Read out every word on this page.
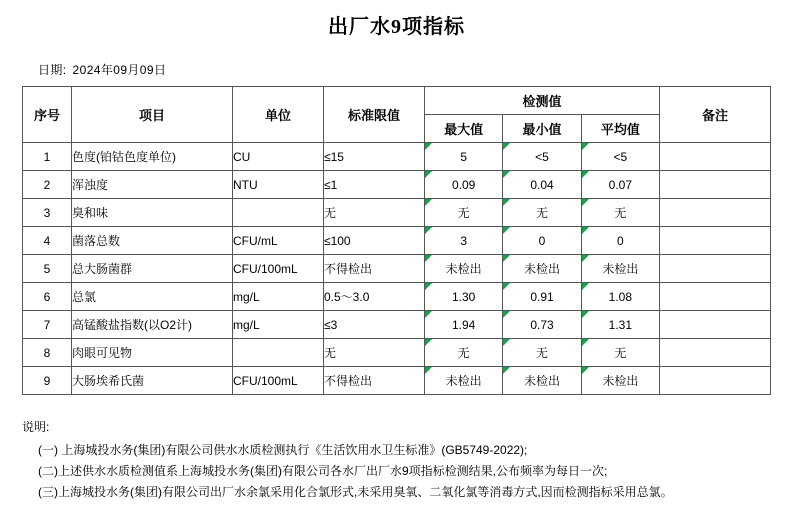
出厂水9项指标
日期: 2024年09月09日
序号	项目	单位	标准限值	检测值			备注
				最大值	最小值	平均值	
1	色度(铂钴色度单位)	CU	≤15	5	<5	<5	
2	浑浊度	NTU	≤1	0.09	0.04	0.07	
3	臭和味		无	无	无	无	
4	菌落总数	CFU/mL	≤100	3	0	0	
5	总大肠菌群	CFU/100mL	不得检出	未检出	未检出	未检出	
6	总氯	mg/L	0.5～3.0	1.30	0.91	1.08	
7	高锰酸盐指数(以O2计)	mg/L	≤3	1.94	0.73	1.31	
8	肉眼可见物		无	无	无	无	
9	大肠埃希氏菌	CFU/100mL	不得检出	未检出	未检出	未检出	
说明:
(一) 上海城投水务(集团)有限公司供水水质检测执行《生活饮用水卫生标准》(GB5749-2022);
(二)上述供水水质检测值系上海城投水务(集团)有限公司各水厂出厂水9项指标检测结果,公布频率为每日一次;
(三)上海城投水务(集团)有限公司出厂水余氯采用化合氯形式,未采用臭氧、二氧化氯等消毒方式,因而检测指标采用总氯。
